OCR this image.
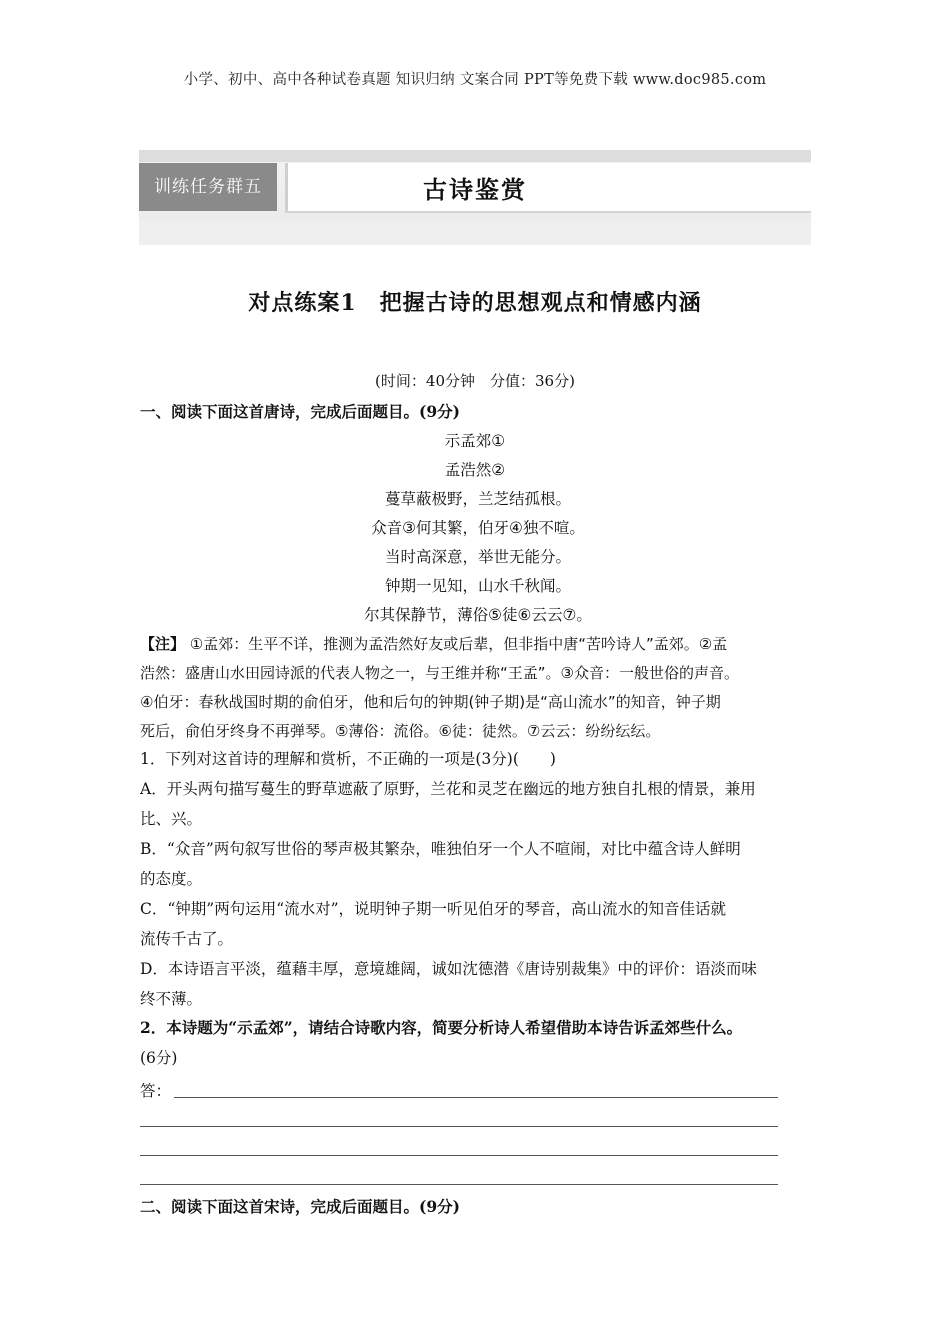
小学、初中、高中各种试卷真题 知识归纳 文案合同 PPT等免费下载 www.doc985.com
训练任务群五	古诗鉴赏
对点练案1　把握古诗的思想观点和情感内涵
(时间：40分钟　分值：36分)
一、阅读下面这首唐诗，完成后面题目。(9分)
示孟郊①
孟浩然②
蔓草蔽极野，兰芝结孤根。
众音③何其繁，伯牙④独不喧。
当时高深意，举世无能分。
钟期一见知，山水千秋闻。
尔其保静节，薄俗⑤徒⑥云云⑦。
【注】 ①孟郊：生平不详，推测为孟浩然好友或后辈，但非指中唐“苦吟诗人”孟郊。②孟
浩然：盛唐山水田园诗派的代表人物之一，与王维并称“王孟”。③众音：一般世俗的声音。
④伯牙：春秋战国时期的俞伯牙，他和后句的钟期(钟子期)是“高山流水”的知音，钟子期
死后，俞伯牙终身不再弹琴。⑤薄俗：流俗。⑥徒：徒然。⑦云云：纷纷纭纭。
1．下列对这首诗的理解和赏析，不正确的一项是(3分)(　　)
A．开头两句描写蔓生的野草遮蔽了原野，兰花和灵芝在幽远的地方独自扎根的情景，兼用
比、兴。
B．“众音”两句叙写世俗的琴声极其繁杂，唯独伯牙一个人不喧闹，对比中蕴含诗人鲜明
的态度。
C．“钟期”两句运用“流水对”，说明钟子期一听见伯牙的琴音，高山流水的知音佳话就
流传千古了。
D．本诗语言平淡，蕴藉丰厚，意境雄阔，诚如沈德潜《唐诗别裁集》中的评价：语淡而味
终不薄。
2．本诗题为“示孟郊”，请结合诗歌内容，简要分析诗人希望借助本诗告诉孟郊些什么。
(6分)
答：
二、阅读下面这首宋诗，完成后面题目。(9分)
